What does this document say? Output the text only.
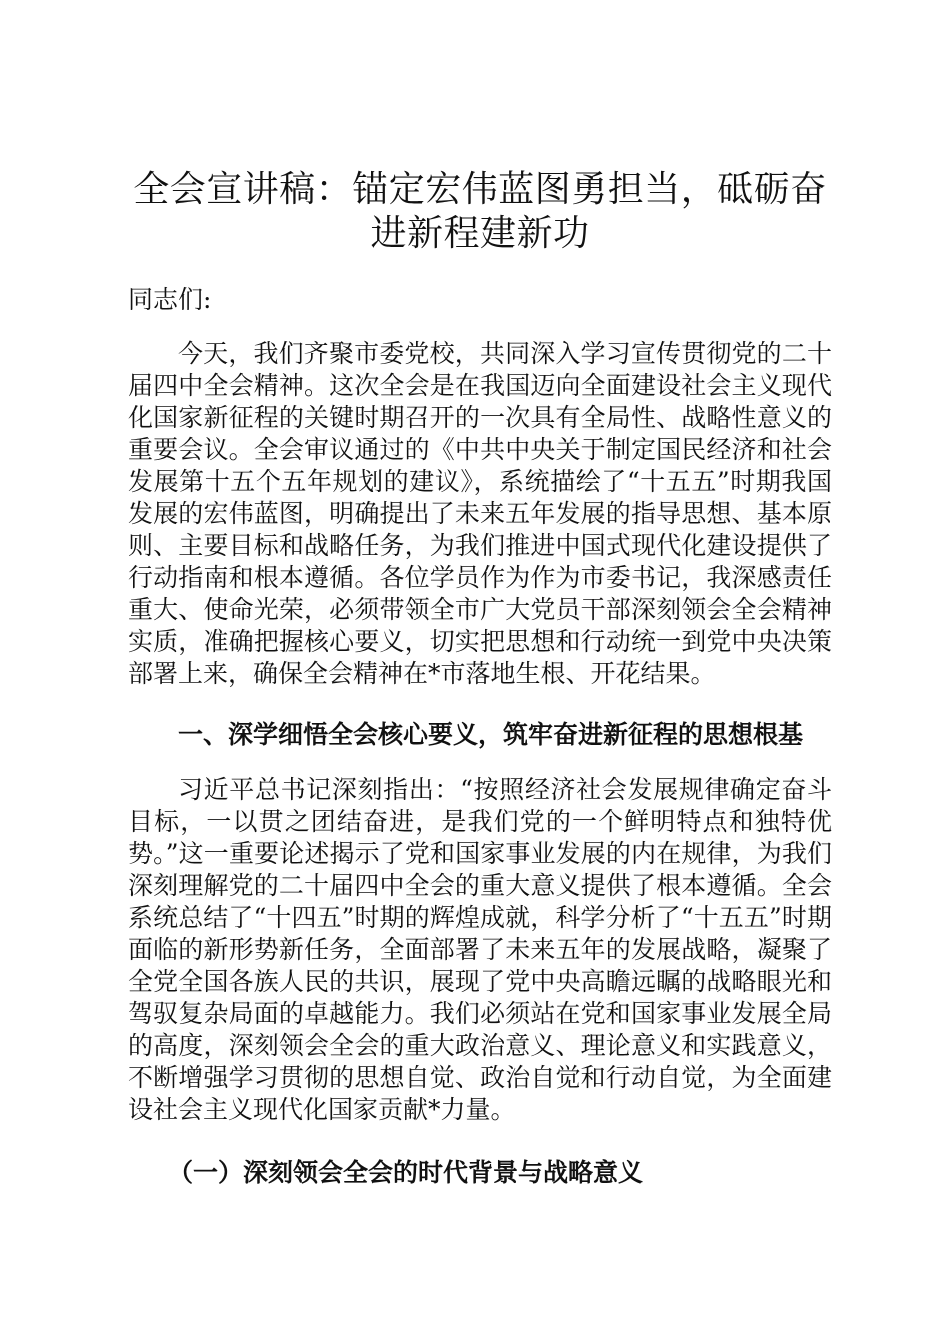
全会宣讲稿：锚定宏伟蓝图勇担当，砥砺奋进新程建新功

同志们:

今天，我们齐聚市委党校，共同深入学习宣传贯彻党的二十届四中全会精神。这次全会是在我国迈向全面建设社会主义现代化国家新征程的关键时期召开的一次具有全局性、战略性意义的重要会议。全会审议通过的《中共中央关于制定国民经济和社会发展第十五个五年规划的建议》，系统描绘了“十五五”时期我国发展的宏伟蓝图，明确提出了未来五年发展的指导思想、基本原则、主要目标和战略任务，为我们推进中国式现代化建设提供了行动指南和根本遵循。各位学员作为作为市委书记，我深感责任重大、使命光荣，必须带领全市广大党员干部深刻领会全会精神实质，准确把握核心要义，切实把思想和行动统一到党中央决策部署上来，确保全会精神在*市落地生根、开花结果。

一、深学细悟全会核心要义，筑牢奋进新征程的思想根基

习近平总书记深刻指出：“按照经济社会发展规律确定奋斗目标，一以贯之团结奋进，是我们党的一个鲜明特点和独特优势。”这一重要论述揭示了党和国家事业发展的内在规律，为我们深刻理解党的二十届四中全会的重大意义提供了根本遵循。全会系统总结了“十四五”时期的辉煌成就，科学分析了“十五五”时期面临的新形势新任务，全面部署了未来五年的发展战略，凝聚了全党全国各族人民的共识，展现了党中央高瞻远瞩的战略眼光和驾驭复杂局面的卓越能力。我们必须站在党和国家事业发展全局的高度，深刻领会全会的重大政治意义、理论意义和实践意义，不断增强学习贯彻的思想自觉、政治自觉和行动自觉，为全面建设社会主义现代化国家贡献*力量。

（一）深刻领会全会的时代背景与战略意义
